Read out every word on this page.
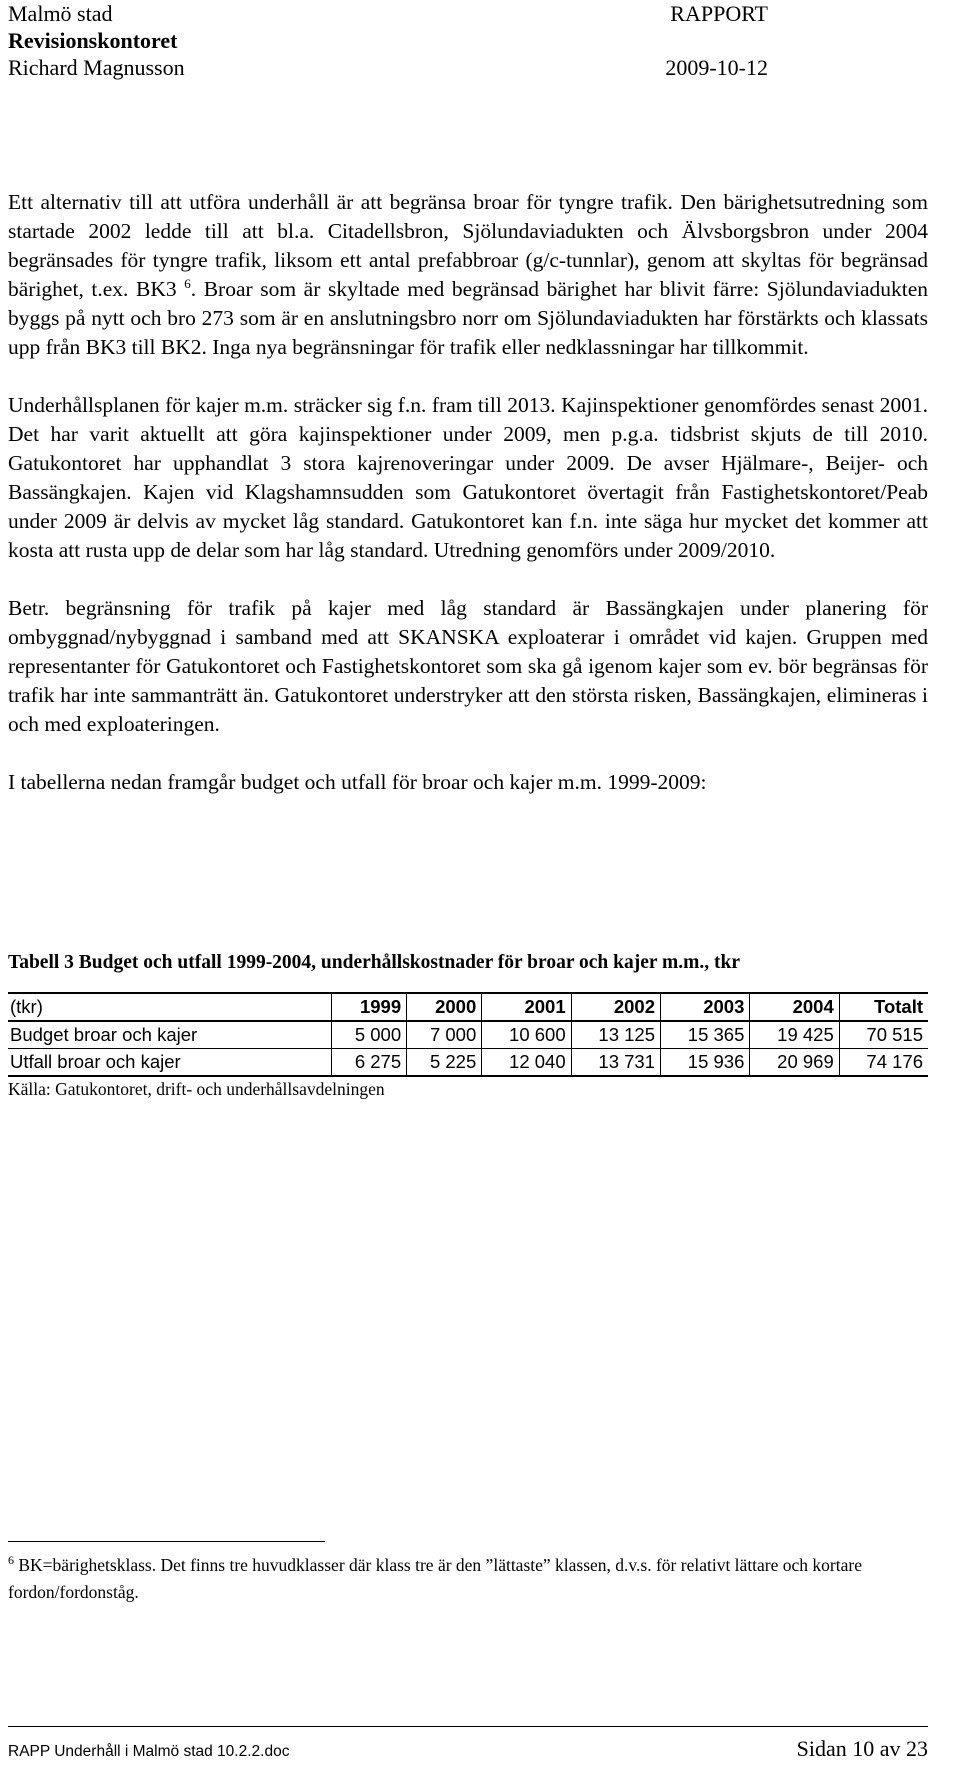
Malmö stad	RAPPORT
Revisionskontoret
Richard Magnusson	2009-10-12

Ett alternativ till att utföra underhåll är att begränsa broar för tyngre trafik. Den bärighetsutredning som startade 2002 ledde till att bl.a. Citadellsbron, Sjölundaviadukten och Älvsborgsbron under 2004 begränsades för tyngre trafik, liksom ett antal prefabbroar (g/c-tunnlar), genom att skyltas för begränsad bärighet, t.ex. BK3 $^6$. Broar som är skyltade med begränsad bärighet har blivit färre: Sjölundaviadukten byggs på nytt och bro 273 som är en anslutningsbro norr om Sjölundaviadukten har förstärkts och klassats upp från BK3 till BK2. Inga nya begränsningar för trafik eller nedklassningar har tillkommit.

Underhållsplanen för kajer m.m. sträcker sig f.n. fram till 2013. Kajinspektioner genomfördes senast 2001. Det har varit aktuellt att göra kajinspektioner under 2009, men p.g.a. tidsbrist skjuts de till 2010. Gatukontoret har upphandlat 3 stora kajrenoveringar under 2009. De avser Hjälmare-, Beijer- och Bassängkajen. Kajen vid Klagshamnsudden som Gatukontoret övertagit från Fastighetskontoret/Peab under 2009 är delvis av mycket låg standard. Gatukontoret kan f.n. inte säga hur mycket det kommer att kosta att rusta upp de delar som har låg standard. Utredning genomförs under 2009/2010.

Betr. begränsning för trafik på kajer med låg standard är Bassängkajen under planering för ombyggnad/nybyggnad i samband med att SKANSKA exploaterar i området vid kajen. Gruppen med representanter för Gatukontoret och Fastighetskontoret som ska gå igenom kajer som ev. bör begränsas för trafik har inte sammanträtt än. Gatukontoret understryker att den största risken, Bassängkajen, elimineras i och med exploateringen.

I tabellerna nedan framgår budget och utfall för broar och kajer m.m. 1999-2009:

Tabell 3 Budget och utfall 1999-2004, underhållskostnader för broar och kajer m.m., tkr
(tkr)	1999	2000	2001	2002	2003	2004	Totalt
Budget broar och kajer	5 000	7 000	10 600	13 125	15 365	19 425	70 515
Utfall broar och kajer	6 275	5 225	12 040	13 731	15 936	20 969	74 176
Källa: Gatukontoret, drift- och underhållsavdelningen
$^6$ BK=bärighetsklass. Det finns tre huvudklasser där klass tre är den ”lättaste” klassen, d.v.s. för relativt lättare och kortare fordon/fordonståg.
RAPP Underhåll i Malmö stad 10.2.2.doc	Sidan 10 av 23
